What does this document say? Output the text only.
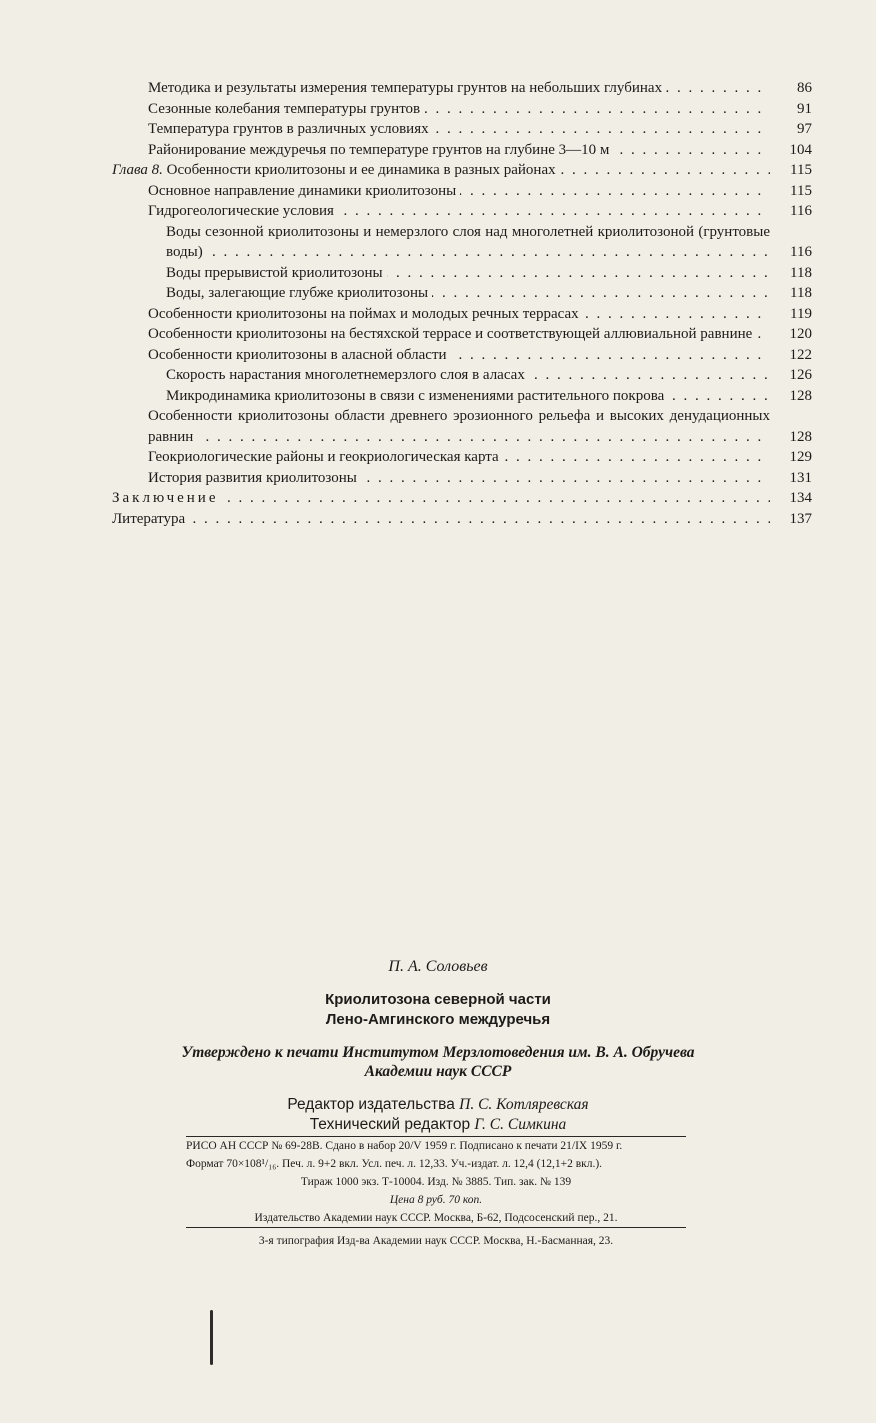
Методика и результаты измерения температуры грунтов на небольших глубинах . . .	86
Сезонные колебания температуры грунтов . . .	91
Температура грунтов в различных условиях . . .	97
Районирование междуречья по температуре грунтов на глубине 3—10 м . . .	104
Глава 8. Особенности криолитозоны и ее динамика в разных районах . . .	115
Основное направление динамики криолитозоны . . .	115
Гидрогеологические условия . . .	116
Воды сезонной криолитозоны и немерзлого слоя над многолетней криолитозоной (грунтовые воды) . . .	116
Воды прерывистой криолитозоны . . .	118
Воды, залегающие глубже криолитозоны . . .	118
Особенности криолитозоны на поймах и молодых речных террасах . . .	119
Особенности криолитозоны на бестяхской террасе и соответствующей аллювиальной равнине . . .	120
Особенности криолитозоны в аласной области . . .	122
Скорость нарастания многолетнемерзлого слоя в аласах . . .	126
Микродинамика криолитозоны в связи с изменениями растительного покрова . . .	128
Особенности криолитозоны области древнего эрозионного рельефа и высоких денудационных равнин . . .	128
Геокриологические районы и геокриологическая карта . . .	129
История развития криолитозоны . . .	131
Заключение . . .	134
Литература . . .	137
П. А. Соловьев
Криолитозона северной части
Лено-Амгинского междуречья
Утверждено к печати Институтом Мерзлотоведения им. В. А. Обручева
Академии наук СССР
Редактор издательства П. С. Котляревская
Технический редактор Г. С. Симкина
РИСО АН СССР № 69-28В. Сдано в набор 20/V 1959 г. Подписано к печати 21/IX 1959 г.
Формат 70×108¹/₁₆. Печ. л. 9+2 вкл. Усл. печ. л. 12,33. Уч.-издат. л. 12,4 (12,1+2 вкл.).
Тираж 1000 экз. Т-10004. Изд. № 3885. Тип. зак. № 139
Цена 8 руб. 70 коп.
Издательство Академии наук СССР. Москва, Б-62, Подсосенский пер., 21.
3-я типография Изд-ва Академии наук СССР. Москва, Н.-Басманная, 23.
